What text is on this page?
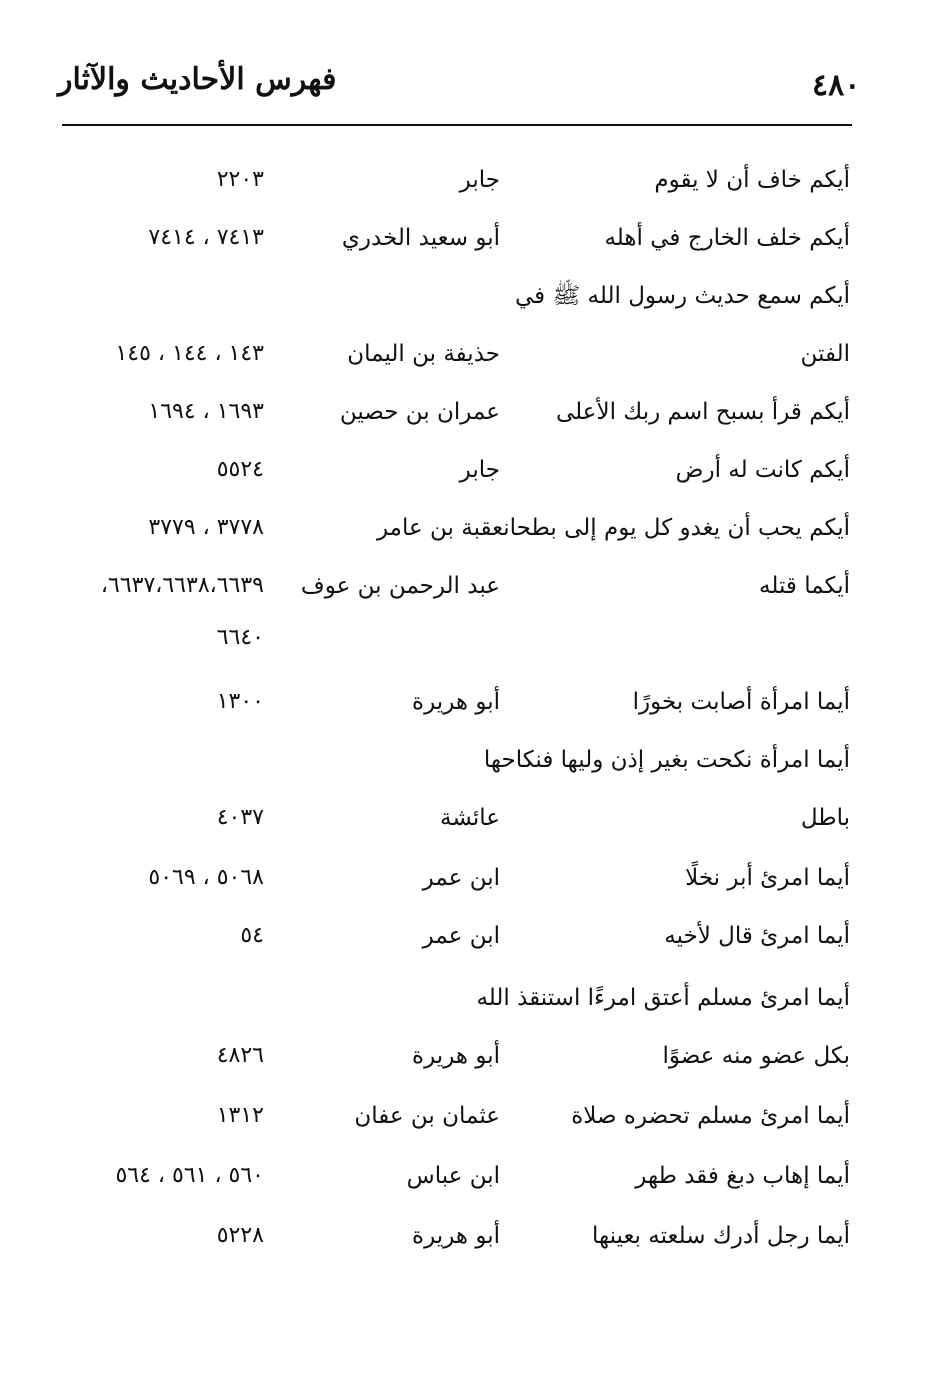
٤٨٠
فهرس الأحاديث والآثار
أيكم خاف أن لا يقوم
جابر
٢٢٠٣
أيكم خلف الخارج في أهله
أبو سعيد الخدري
٧٤١٣ ، ٧٤١٤
أيكم سمع حديث رسول الله ﷺ في
الفتن
حذيفة بن اليمان
١٤٣ ، ١٤٤ ، ١٤٥
أيكم قرأ بسبح اسم ربك الأعلى
عمران بن حصين
١٦٩٣ ، ١٦٩٤
أيكم كانت له أرض
جابر
٥٥٢٤
أيكم يحب أن يغدو كل يوم إلى بطحانعقبة بن عامر
٣٧٧٨ ، ٣٧٧٩
أيكما قتله
عبد الرحمن بن عوف
٦٦٣٧،٦٦٣٨،٦٦٣٩،
٦٦٤٠
أيما امرأة أصابت بخورًا
أبو هريرة
١٣٠٠
أيما امرأة نكحت بغير إذن وليها فنكاحها
باطل
عائشة
٤٠٣٧
أيما امرئ أبر نخلًا
ابن عمر
٥٠٦٨ ، ٥٠٦٩
أيما امرئ قال لأخيه
ابن عمر
٥٤
أيما امرئ مسلم أعتق امرءًا استنقذ الله
بكل عضو منه عضوًا
أبو هريرة
٤٨٢٦
أيما امرئ مسلم تحضره صلاة
عثمان بن عفان
١٣١٢
أيما إهاب دبغ فقد طهر
ابن عباس
٥٦٠ ، ٥٦١ ، ٥٦٤
أيما رجل أدرك سلعته بعينها
أبو هريرة
٥٢٢٨
